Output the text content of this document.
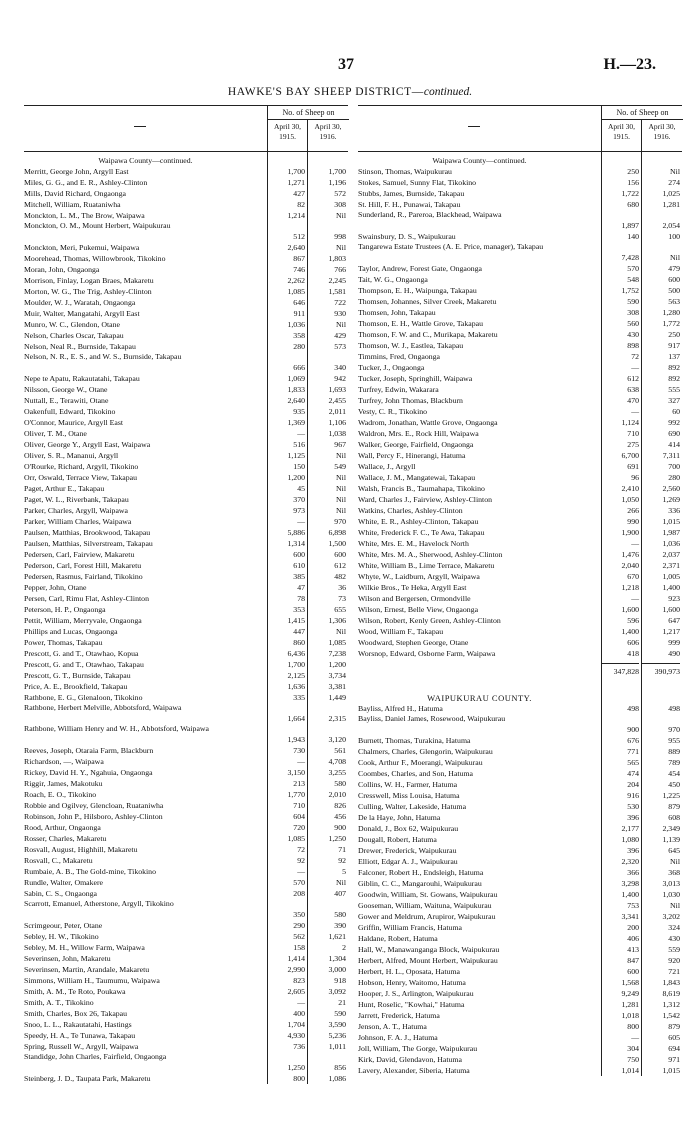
37	H.—23.
HAWKE'S BAY SHEEP DISTRICT—continued.
No. of Sheep on
April 30, 1915.
April 30, 1916.
Waipawa County—continued.
Merritt, George John, Argyll East	1,700	1,700
Miles, G. G., and E. R., Ashley-Clinton	1,271	1,196
Mills, David Richard, Ongaonga	427	572
Mitchell, William, Ruataniwha	82	308
Monckton, L. M., The Brow, Waipawa	1,214	Nil
Monckton, O. M., Mount Herbert, Waipukurau
512	998
Monckton, Meri, Pukemui, Waipawa	2,640	Nil
Moorehead, Thomas, Willowbrook, Tikokino	867	1,803
Moran, John, Ongaonga	746	766
Morrison, Finlay, Logan Braes, Makaretu	2,262	2,245
Morton, W. G., The Trig, Ashley-Clinton	1,085	1,581
Moulder, W. J., Waratah, Ongaonga	646	722
Muir, Walter, Mangatahi, Argyll East	911	930
Munro, W. C., Glendon, Otane	1,036	Nil
Nelson, Charles Oscar, Takapau	358	429
Nelson, Neal R., Burnside, Takapau	280	573
Nelson, N. R., E. S., and W. S., Burnside, Takapau
666	340
Nepe te Apatu, Rakautatahi, Takapau	1,069	942
Nilsson, George W., Otane	1,833	1,693
Nuttall, E., Terawiti, Otane	2,640	2,455
Oakenfull, Edward, Tikokino	935	2,011
O'Connor, Maurice, Argyll East	1,369	1,106
Oliver, T. M., Otane	—	1,038
Oliver, George Y., Argyll East, Waipawa	516	967
Oliver, S. R., Mananui, Argyll	1,125	Nil
O'Rourke, Richard, Argyll, Tikokino	150	549
Orr, Oswald, Terrace View, Takapau	1,200	Nil
Paget, Arthur E., Takapau	45	Nil
Paget, W. L., Riverbank, Takapau	370	Nil
Parker, Charles, Argyll, Waipawa	973	Nil
Parker, William Charles, Waipawa	—	970
Paulsen, Matthias, Brookwood, Takapau	5,886	6,898
Paulsen, Matthias, Silverstream, Takapau	1,314	1,500
Pedersen, Carl, Fairview, Makaretu	600	600
Pederson, Carl, Forest Hill, Makaretu	610	612
Pedersen, Rasmus, Fairland, Tikokino	385	482
Pepper, John, Otane	47	36
Persen, Carl, Rimu Flat, Ashley-Clinton	78	73
Peterson, H. P., Ongaonga	353	655
Pettit, William, Merryvale, Ongaonga	1,415	1,306
Phillips and Lucas, Ongaonga	447	Nil
Power, Thomas, Takapau	860	1,085
Prescott, G. and T., Otawhao, Kopua	6,436	7,238
Prescott, G. and T., Otawhao, Takapau	1,700	1,200
Prescott, G. T., Burnside, Takapau	2,125	3,734
Price, A. E., Brookfield, Takapau	1,636	3,381
Rathbone, E. G., Glenaloon, Tikokino	335	1,449
Rathbone, Herbert Melville, Abbotsford, Waipawa
1,664	2,315
Rathbone, William Henry and W. H., Abbotsford, Waipawa
1,943	3,120
Reeves, Joseph, Otaraia Farm, Blackburn	730	561
Richardson, —, Waipawa	—	4,708
Rickey, David H. Y., Ngahuia, Ongaonga	3,150	3,255
Riggir, James, Makotuku	213	580
Roach, E. O., Tikokino	1,770	2,010
Robbie and Ogilvey, Glencloan, Ruataniwha	710	826
Robinson, John P., Hilsboro, Ashley-Clinton	604	456
Rood, Arthur, Ongaonga	720	900
Rosser, Charles, Makaretu	1,085	1,250
Rosvall, August, Highhill, Makaretu	72	71
Rosvall, C., Makaretu	92	92
Rumbaie, A. B., The Gold-mine, Tikokino	—	5
Rundle, Walter, Omakere	570	Nil
Sabin, C. S., Ongaonga	208	407
Scarrott, Emanuel, Atherstone, Argyll, Tikokino
350	580
Scrimgeour, Peter, Otane	290	390
Sebley, H. W., Tikokino	562	1,621
Sebley, M. H., Willow Farm, Waipawa	158	2
Severinsen, John, Makaretu	1,414	1,304
Severinsen, Martin, Arandale, Makaretu	2,990	3,000
Simmons, William H., Taumumu, Waipawa	823	918
Smith, A. M., Te Roto, Poukawa	2,605	3,092
Smith, A. T., Tikokino	—	21
Smith, Charles, Box 26, Takapau	400	590
Snoo, L. L., Rakautatahi, Hastings	1,704	3,590
Speedy, H. A., Te Tunawa, Takapau	4,930	5,236
Spring, Russell W., Argyll, Waipawa	736	1,011
Standidge, John Charles, Fairfield, Ongaonga
1,250	856
Steinberg, J. D., Taupata Park, Makaretu	800	1,086
No. of Sheep on
April 30, 1915.
April 30, 1916.
Waipawa County—continued.
Stinson, Thomas, Waipukurau	250	Nil
Stokes, Samuel, Sunny Flat, Tikokino	156	274
Stubbs, James, Burnside, Takapau	1,722	1,025
St. Hill, F. H., Punawai, Takapau	680	1,281
Sunderland, R., Pareroa, Blackhead, Waipawa
1,897	2,054
Swainsbury, D. S., Waipukurau	140	100
Tangarewa Estate Trustees (A. E. Price, manager), Takapau
7,428	Nil
Taylor, Andrew, Forest Gate, Ongaonga	570	479
Tait, W. G., Ongaonga	548	600
Thompson, E. H., Waipunga, Takapau	1,752	500
Thomsen, Johannes, Silver Creek, Makaretu	590	563
Thomsen, John, Takapau	308	1,280
Thomson, E. H., Wattle Grove, Takapau	560	1,772
Thomson, F. W. and C., Murikapa, Makaretu	430	250
Thomson, W. J., Eastlea, Takapau	898	917
Timmins, Fred, Ongaonga	72	137
Tucker, J., Ongaonga	—	892
Tucker, Joseph, Springhill, Waipawa	612	892
Turfrey, Edwin, Wakarara	638	555
Turfrey, John Thomas, Blackburn	470	327
Vesty, C. R., Tikokino	—	60
Wadrom, Jonathan, Wattle Grove, Ongaonga	1,124	992
Waldron, Mrs. E., Rock Hill, Waipawa	710	690
Walker, George, Fairfield, Ongaonga	275	414
Wall, Percy F., Hinerangi, Hatuma	6,700	7,311
Wallace, J., Argyll	691	700
Wallace, J. M., Mangatewai, Takapau	96	280
Walsh, Francis B., Taumahapa, Tikokino	2,410	2,560
Ward, Charles J., Fairview, Ashley-Clinton	1,050	1,269
Watkins, Charles, Ashley-Clinton	266	336
White, E. R., Ashley-Clinton, Takapau	990	1,015
White, Frederick F. C., Te Awa, Takapau	1,900	1,987
White, Mrs. E. M., Havelock North	—	1,036
White, Mrs. M. A., Sherwood, Ashley-Clinton	1,476	2,037
White, William B., Lime Terrace, Makaretu	2,040	2,371
Whyte, W., Laidburn, Argyll, Waipawa	670	1,005
Wilkie Bros., Te Heka, Argyll East	1,218	1,400
Wilson and Bergersen, Ormondville	—	923
Wilson, Ernest, Belle View, Ongaonga	1,600	1,600
Wilson, Robert, Kenly Green, Ashley-Clinton	596	647
Wood, William F., Takapau	1,400	1,217
Woodward, Stephen George, Otane	606	999
Worsnop, Edward, Osborne Farm, Waipawa	418	490
347,828	390,973
WAIPUKURAU COUNTY.
Bayliss, Alfred H., Hatuma	498	498
Bayliss, Daniel James, Rosewood, Waipukurau
900	970
Burnett, Thomas, Turakina, Hatuma	676	955
Chalmers, Charles, Glengorin, Waipukurau	771	889
Cook, Arthur F., Moerangi, Waipukurau	565	789
Coombes, Charles, and Son, Hatuma	474	454
Collins, W. H., Farmer, Hatuma	204	450
Cresswell, Miss Louisa, Hatuma	916	1,225
Culling, Walter, Lakeside, Hatuma	530	879
De la Haye, John, Hatuma	396	608
Donald, J., Box 62, Waipukurau	2,177	2,349
Dougall, Robert, Hatuma	1,080	1,139
Drewer, Frederick, Waipukurau	396	645
Elliott, Edgar A. J., Waipukurau	2,320	Nil
Falconer, Robert H., Endsleigh, Hatuma	366	368
Giblin, C. C., Mangarouhi, Waipukurau	3,298	3,013
Goodwin, William, St. Gowans, Waipukurau	1,400	1,030
Gooseman, William, Waituna, Waipukurau	753	Nil
Gower and Meldrum, Arupiror, Waipukurau	3,341	3,202
Griffin, William Francis, Hatuma	200	324
Haldane, Robert, Hatuma	406	430
Hall, W., Manawanganga Block, Waipukurau	413	559
Herbert, Alfred, Mount Herbert, Waipukurau	847	920
Herbert, H. L., Oposata, Hatuma	600	721
Hobson, Henry, Waitomo, Hatuma	1,568	1,843
Hooper, J. S., Arlington, Waipukurau	9,249	8,619
Hunt, Roselic, "Kowhai," Hatuma	1,281	1,312
Jarrett, Frederick, Hatuma	1,018	1,542
Jenson, A. T., Hatuma	800	879
Johnson, F. A. J., Hatuma	—	605
Joll, William, The Gorge, Waipukurau	304	694
Kirk, David, Glendavon, Hatuma	750	971
Lavery, Alexander, Siberia, Hatuma	1,014	1,015
